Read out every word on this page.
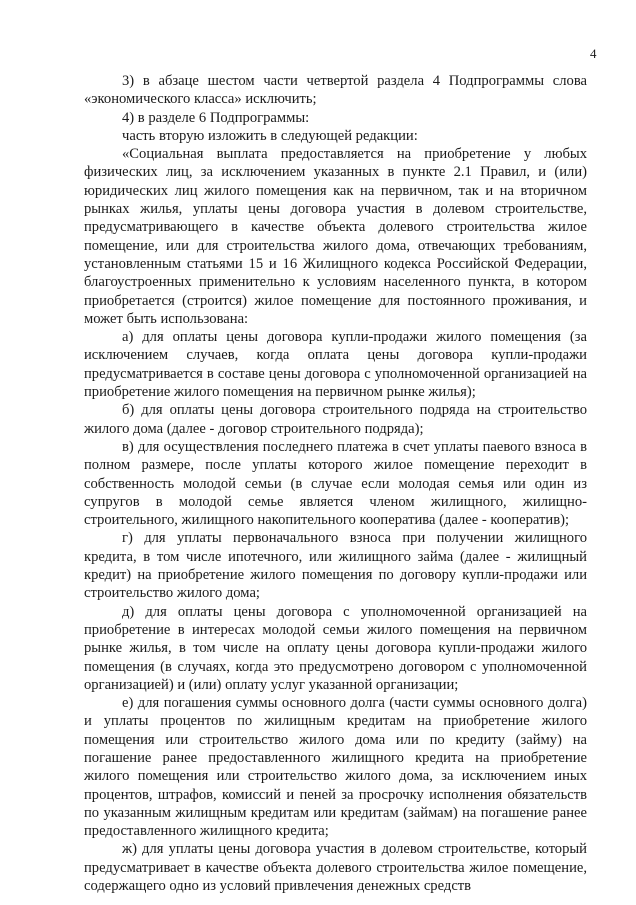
4

3) в абзаце шестом части четвертой раздела 4 Подпрограммы слова «экономического класса» исключить;

4) в разделе 6 Подпрограммы:

часть вторую изложить в следующей редакции:

«Социальная выплата предоставляется на приобретение у любых физических лиц, за исключением указанных в пункте 2.1 Правил, и (или) юридических лиц жилого помещения как на первичном, так и на вторичном рынках жилья, уплаты цены договора участия в долевом строительстве, предусматривающего в качестве объекта долевого строительства жилое помещение, или для строительства жилого дома, отвечающих требованиям, установленным статьями 15 и 16 Жилищного кодекса Российской Федерации, благоустроенных применительно к условиям населенного пункта, в котором приобретается (строится) жилое помещение для постоянного проживания, и может быть использована:

а) для оплаты цены договора купли-продажи жилого помещения (за исключением случаев, когда оплата цены договора купли-продажи предусматривается в составе цены договора с уполномоченной организацией на приобретение жилого помещения на первичном рынке жилья);

б) для оплаты цены договора строительного подряда на строительство жилого дома (далее - договор строительного подряда);

в) для осуществления последнего платежа в счет уплаты паевого взноса в полном размере, после уплаты которого жилое помещение переходит в собственность молодой семьи (в случае если молодая семья или один из супругов в молодой семье является членом жилищного, жилищно-строительного, жилищного накопительного кооператива (далее - кооператив);

г) для уплаты первоначального взноса при получении жилищного кредита, в том числе ипотечного, или жилищного займа (далее - жилищный кредит) на приобретение жилого помещения по договору купли-продажи или строительство жилого дома;

д) для оплаты цены договора с уполномоченной организацией на приобретение в интересах молодой семьи жилого помещения на первичном рынке жилья, в том числе на оплату цены договора купли-продажи жилого помещения (в случаях, когда это предусмотрено договором с уполномоченной организацией) и (или) оплату услуг указанной организации;

е) для погашения суммы основного долга (части суммы основного долга) и уплаты процентов по жилищным кредитам на приобретение жилого помещения или строительство жилого дома или по кредиту (займу) на погашение ранее предоставленного жилищного кредита на приобретение жилого помещения или строительство жилого дома, за исключением иных процентов, штрафов, комиссий и пеней за просрочку исполнения обязательств по указанным жилищным кредитам или кредитам (займам) на погашение ранее предоставленного жилищного кредита;

ж) для уплаты цены договора участия в долевом строительстве, который предусматривает в качестве объекта долевого строительства жилое помещение, содержащего одно из условий привлечения денежных средств
